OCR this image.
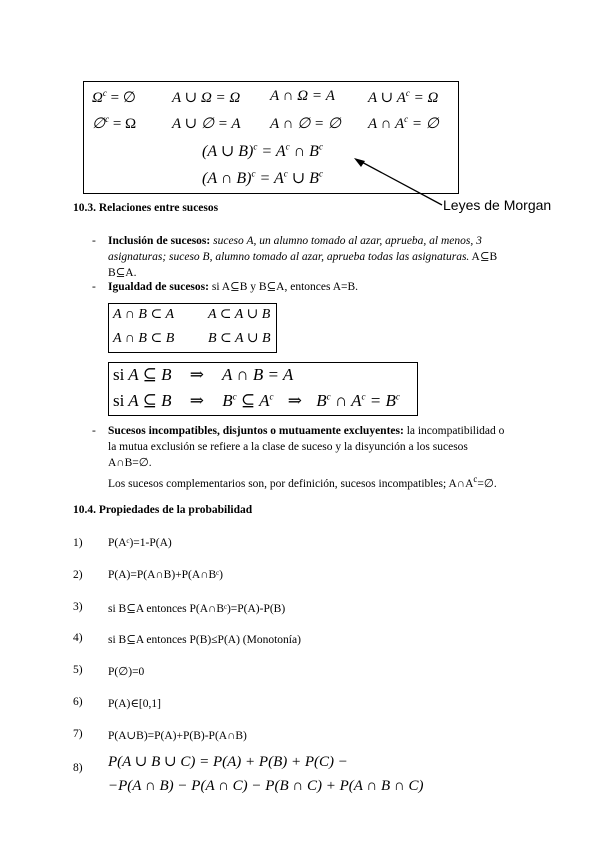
$\Omega^c$ = ∅ A ∪ Ω = Ω A ∩ Ω = A A ∪ $A^c = \Omega$
∅$^c$ = Ω A ∪ ∅ = A A ∩ ∅ = ∅ A ∩ $A^c$ = ∅
(A ∪ $B)^c = A^c$ ∩ $B^c$
(A ∩ $B)^c = A^c$ ∪ $B^c$
Leyes de Morgan
10.3. Relaciones entre sucesos
- Inclusión de sucesos: suceso A, un alumno tomado al azar, aprueba, al menos, 3 asignaturas; suceso B, alumno tomado al azar, aprueba todas las asignaturas. A⊆B
B⊆A.
- Igualdad de sucesos: si A⊆B y B⊆A, entonces A=B.
A ∩ B ⊂ A A ⊂ A ∪ B
A ∩ B ⊂ B B ⊂ A ∪ B
si A ⊆ B ⇒ A ∩ B = A
si A ⊆ B ⇒ $B^c$ ⊆ $A^c$ ⇒ $B^c$ ∩ $A^c = B^c$
- Sucesos incompatibles, disjuntos o mutuamente excluyentes: la incompatibilidad o
la mutua exclusión se refiere a la clase de suceso y la disyunción a los sucesos
A∩B=∅.
Los sucesos complementarios son, por definición, sucesos incompatibles; $A\cap A^c=\emptyset$.
10.4. Propiedades de la probabilidad
1) P(Aᶜ)=1-P(A)
2) P(A)=P(A∩B)+P(A∩Bᶜ)
3) si B⊆A entonces P(A∩Bᶜ)=P(A)-P(B)
4) si B⊆A entonces P(B)≤P(A) (Monotonía)
5) P(∅)=0
6) P(A)∈[0,1]
7) P(A∪B)=P(A)+P(B)-P(A∩B)
8) P(A ∪ B ∪ C) = P(A) + P(B) + P(C) −
−P(A ∩ B) − P(A ∩ C) − P(B ∩ C) + P(A ∩ B ∩ C)
